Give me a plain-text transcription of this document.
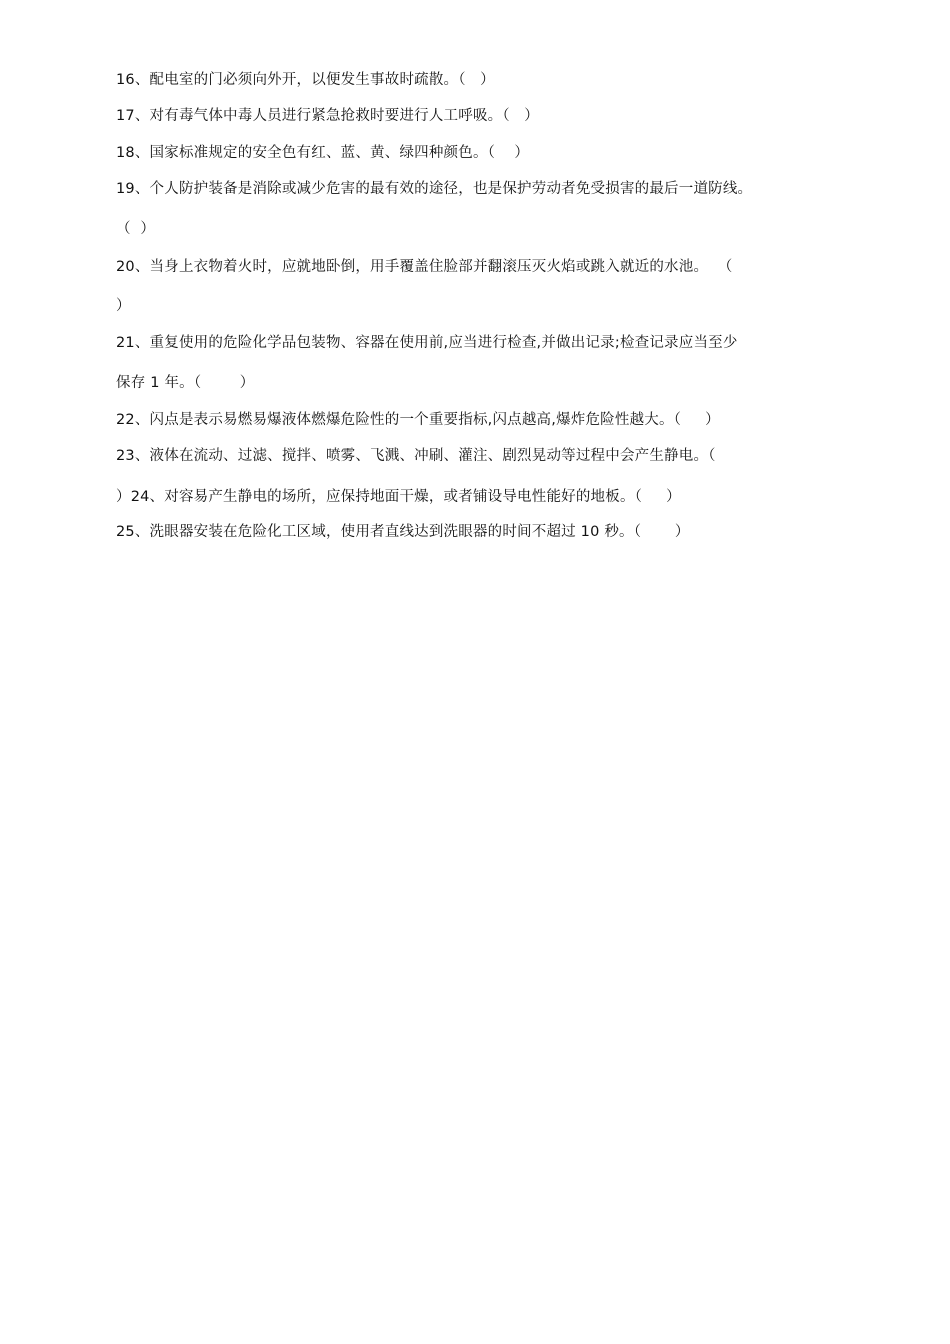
16、配电室的门必须向外开，以便发生事故时疏散。（   ）
17、对有毒气体中毒人员进行紧急抢救时要进行人工呼吸。（   ）
18、国家标准规定的安全色有红、蓝、黄、绿四种颜色。（    ）
19、个人防护装备是消除或减少危害的最有效的途径，也是保护劳动者免受损害的最后一道防线。
（  ）
20、当身上衣物着火时，应就地卧倒，用手覆盖住脸部并翻滚压灭火焰或跳入就近的水池。  （
）
21、重复使用的危险化学品包装物、容器在使用前,应当进行检查,并做出记录;检查记录应当至少
保存 1 年。（        ）
22、闪点是表示易燃易爆液体燃爆危险性的一个重要指标,闪点越高,爆炸危险性越大。（     ）
23、液体在流动、过滤、搅拌、喷雾、飞溅、冲刷、灌注、剧烈晃动等过程中会产生静电。（
）24、对容易产生静电的场所，应保持地面干燥，或者铺设导电性能好的地板。（     ）
25、洗眼器安装在危险化工区域，使用者直线达到洗眼器的时间不超过 10 秒。（       ）
